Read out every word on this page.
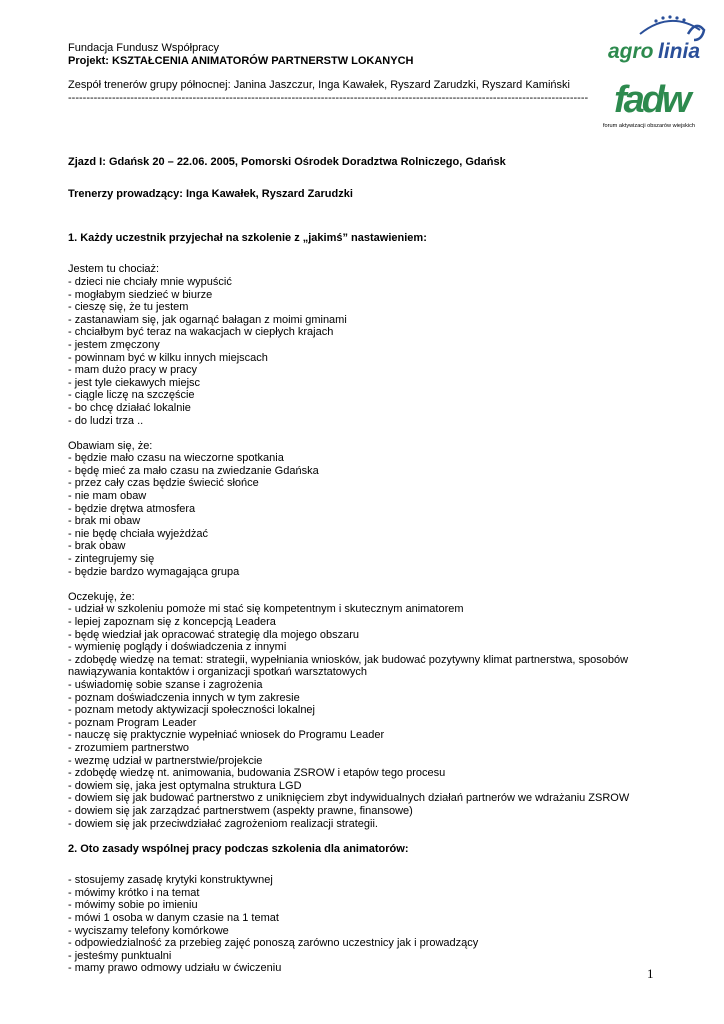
Fundacja Fundusz Współpracy
Projekt: KSZTAŁCENIA ANIMATORÓW PARTNERSTW LOKANYCH
Zespół trenerów grupy północnej: Janina Jaszczur, Inga Kawałek, Ryszard Zarudzki, Ryszard Kamiński
----------------------------------------------------------------------------------------------------------------------------------------------
agro linia
fadw
forum aktywizacji obszarów wiejskich

Zjazd I: Gdańsk 20 – 22.06. 2005, Pomorski Ośrodek Doradztwa Rolniczego, Gdańsk

Trenerzy prowadzący: Inga Kawałek, Ryszard Zarudzki

1. Każdy uczestnik przyjechał na szkolenie z „jakimś” nastawieniem:

Jestem tu chociaż:

- dzieci nie chciały mnie wypuścić

- mogłabym siedzieć w biurze

- cieszę się, że tu jestem

- zastanawiam się, jak ogarnąć bałagan z moimi gminami

- chciałbym być teraz na wakacjach w ciepłych krajach

- jestem zmęczony

- powinnam być w kilku innych miejscach

- mam dużo pracy w pracy

- jest tyle ciekawych miejsc

- ciągle liczę na szczęście

- bo chcę działać lokalnie

- do ludzi trza ..

Obawiam się, że:

- będzie mało czasu na wieczorne spotkania

- będę mieć za mało czasu na zwiedzanie Gdańska

- przez cały czas będzie świecić słońce

- nie mam obaw

- będzie drętwa atmosfera

- brak mi obaw

- nie będę chciała wyjeżdżać

- brak obaw

- zintegrujemy się

- będzie bardzo wymagająca grupa

Oczekuję, że:

- udział w szkoleniu pomoże mi stać się kompetentnym i skutecznym animatorem

- lepiej zapoznam się z koncepcją Leadera

- będę wiedział jak opracować strategię dla mojego obszaru

- wymienię poglądy i doświadczenia z innymi

- zdobędę wiedzę na temat: strategii, wypełniania wniosków, jak budować pozytywny klimat partnerstwa, sposobów nawiązywania kontaktów i organizacji spotkań warsztatowych

- uświadomię sobie szanse i zagrożenia

- poznam doświadczenia innych w tym zakresie

- poznam metody aktywizacji społeczności lokalnej

- poznam Program Leader

- nauczę się praktycznie wypełniać wniosek do Programu Leader

- zrozumiem partnerstwo

- wezmę udział w partnerstwie/projekcie

- zdobędę wiedzę nt. animowania, budowania ZSROW i etapów tego procesu

- dowiem się, jaka jest optymalna struktura LGD

- dowiem się jak budować partnerstwo z uniknięciem zbyt indywidualnych działań partnerów we wdrażaniu ZSROW

- dowiem się jak zarządzać partnerstwem (aspekty prawne, finansowe)

- dowiem się jak przeciwdziałać zagrożeniom realizacji strategii.

2. Oto zasady wspólnej pracy podczas szkolenia dla animatorów:

- stosujemy zasadę krytyki konstruktywnej

- mówimy krótko i na temat

- mówimy sobie po imieniu

- mówi 1 osoba w danym czasie na 1 temat

- wyciszamy telefony komórkowe

- odpowiedzialność za przebieg zajęć ponoszą zarówno uczestnicy jak i prowadzący

- jesteśmy punktualni

- mamy prawo odmowy udziału w ćwiczeniu	1
